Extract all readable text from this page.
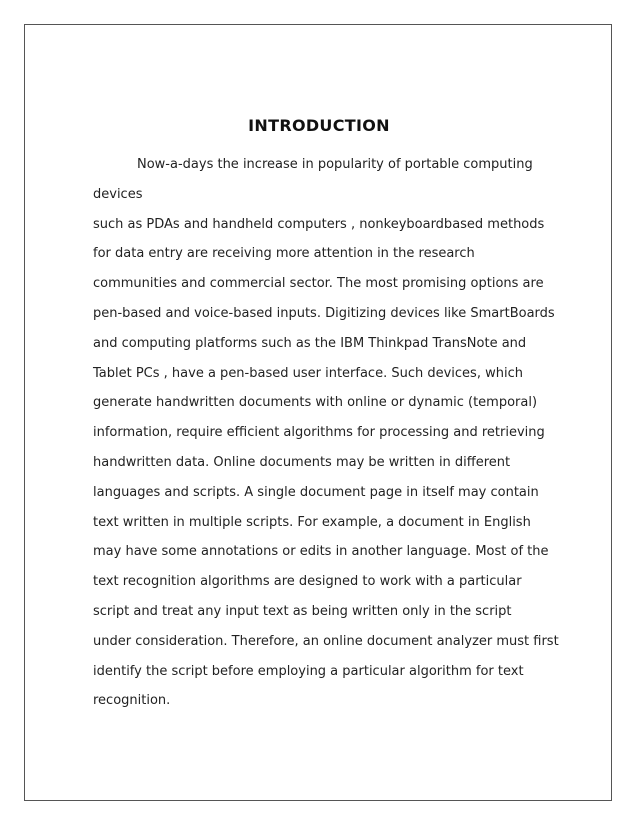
INTRODUCTION
Now-a-days the increase in popularity of portable computing
devices
such as PDAs and handheld computers , nonkeyboardbased methods
for data entry are receiving more attention in the research
communities and commercial sector. The most promising options are
pen-based and voice-based inputs. Digitizing devices like SmartBoards
and computing platforms such as the IBM Thinkpad TransNote and
Tablet PCs , have a pen-based user interface. Such devices, which
generate handwritten documents with online or dynamic (temporal)
information, require efficient algorithms for processing and retrieving
handwritten data. Online documents may be written in different
languages and scripts. A single document page in itself may contain
text written in multiple scripts. For example, a document in English
may have some annotations or edits in another language. Most of the
text recognition algorithms are designed to work with a particular
script and treat any input text as being written only in the script
under consideration. Therefore, an online document analyzer must first
identify the script before employing a particular algorithm for text
recognition.
